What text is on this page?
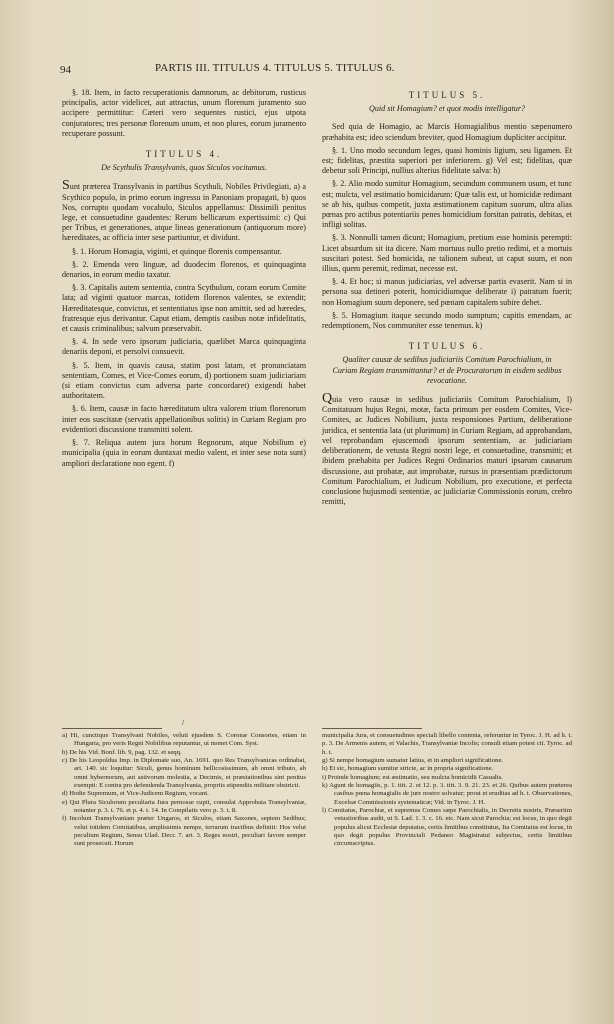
94	PARTIS III. TITULUS 4. TITULUS 5. TITULUS 6.

§. 18. Item, in facto recuperationis damnorum, ac debitorum, rusticus principalis, actor videlicet, aut attractus, unum florenum juramento suo accipere permittitur: Cæteri vero sequentes rustici, ejus utpota conjuratores; tres personæ florenum unum, et non plures, eorum juramento recuperare possunt.

TITULUS 4.
De Scythulis Transylvanis, quos Siculos vocitamus.

Sunt præterea Transylvanis in partibus Scythuli, Nobiles Privilegiati, a) a Scythico populo, in primo eorum ingressu in Panoniam propagati, b) quos Nos, corrupto quodam vocabulo, Siculos appellamus: Dissimili penitus lege, et consuetudine gaudentes: Rerum bellicarum expertissimi: c) Qui per Tribus, et generationes, atque lineas generationum (antiquorum more) hæreditates, ac officia inter sese partiuntur, et dividunt.

§. 1. Horum Homagia, viginti, et quinque florenis compensantur.

§. 2. Emenda vero linguæ, ad duodecim florenos, et quinquaginta denarios, in eorum medio taxatur.

§. 3. Capitalis autem sententia, contra Scythulum, coram eorum Comite lata; ad viginti quatuor marcas, totidem florenos valentes, se extendit; Hæreditatesque, convictus, et sententiatus ipse non amittit, sed ad hæredes, fratresque ejus derivantur. Caput etiam, demptis casibus notæ infidelitatis, et causis criminalibus; salvum præservabit.

§. 4. In sede vero ipsorum judiciaria, quælibet Marca quinquaginta denariis deponi, et persolvi consuevit.

§. 5. Item, in quavis causa, statim post latam, et pronunciatam sententiam, Comes, et Vice-Comes eorum, d) portionem suam judiciariam (si etiam convictus cum adversa parte concordaret) exigendi habet authoritatem.

§. 6. Item, causæ in facto hæreditatum ultra valorem trium florenorum inter eos suscitatæ (servatis appellationibus solitis) in Curiam Regiam pro evidentiori discussione transmitti solent.

§. 7. Reliqua autem jura horum Regnorum, atque Nobilium e) municipalia (quia in eorum duntaxat medio valent, et inter sese nota sunt) ampliori declaratione non egent. f)

TITULUS 5.
Quid sit Homagium? et quot modis intelligatur?

Sed quia de Homagio, ac Marcis Homagialibus mentio sæpenumero præhabita est; ideo sciendum breviter, quod Homagium dupliciter accipitur.

§. 1. Uno modo secundum leges, quasi hominis ligium, seu ligamen. Et est; fidelitas, præstita superiori per inferiorem. g) Vel est; fidelitas, quæ debetur soli Principi, nullius alterius fidelitate salva: h)

§. 2. Alio modo sumitur Homagium, secundum communem usum, et tunc est; mulcta, vel æstimatio homicidarum: Quæ talis est, ut homicidæ redimant se ab his, quibus competit, juxta æstimationem capitum suorum, ultra alias pœnas pro actibus potentiariis penes homicidium forsitan patratis, debitas, et infligi solitas.

§. 3. Nonnulli tamen dicunt; Homagium, pretium esse hominis perempti: Licet absurdum sit ita dicere. Nam mortuus nullo pretio redimi, et a mortuis suscitari potest. Sed homicida, ne talionem subeat, ut caput suum, et non illius, quem peremit, redimat, necesse est.

§. 4. Et hoc; si manus judiciarias, vel adversæ partis evaserit. Nam si in persona sua detineri poterit, homicidiumque deliberate i) patratum fuerit; non Homagium suum deponere, sed pœnam capitalem subire debet.

§. 5. Homagium itaque secundo modo sumptum; capitis emendam, ac redemptionem, Nos communiter esse tenemus. k)

TITULUS 6.
Qualiter causæ de sedibus judiciariis Comitum Parochialium, in Curiam Regiam transmittantur? et de Procuratorum in eisdem sedibus revocatione.

Quia vero causæ in sedibus judiciariis Comitum Parochialium, l) Comitatuum hujus Regni, motæ, facta primum per eosdem Comites, Vice-Comites, ac Judices Nobilium, juxta responsiones Partium, deliberatione juridica, et sententia lata (ut plurimum) in Curiam Regiam, ad approbandam, vel reprobandam ejuscemodi ipsorum sententiam, ac judiciariam deliberationem, de vetusta Regni nostri lege, et consuetudine, transmitti; et ibidem præhabita per Judices Regni Ordinarios maturi ipsarum causarum discussione, aut probatæ, aut improbatæ, rursus in præsentiam prædictorum Comitum Parochialium, et Judicum Nobilium, pro executione, et perfecta conclusione hujusmodi sententiæ, ac judiciariæ Commissionis eorum, crebro remitti,

/

a) Hi, cunctique Transylvani Nobiles, veluti ejusdem S. Coronæ Consortes, etiam in Hungaria, pro veris Regni Nobilibus reputantur, ut monet Com. Syst.

b) De his Vid. Bonf. lib. 9, pag. 132. et seqq.

c) De his Leopoldus Imp. in Diplomate suo, An. 1691. quo Res Transylvanicas ordinabat, art. 140. sic loquitur: Siculi, genus hominum bellicosissimum, ab omni tributo, ab omni hybernorum, aut astivorum molestia, a Decimis, et præstationibus sint penitus exempti: E contra pro defendenda Transylvania, propriis stipendiis militare obstricti.

d) Hodie Supremum, et Vice-Judicem Regium, vocant.

e) Qui Plura Siculorum peculiaria Jura pernosse cupit, consulat Approbata Transylvaniæ, notanter p. 3. t. 76. et p. 4. t. 14. In Compilatis vero p. 3. t. 8.

f) Incolunt Transylvaniam præter Ungaros, et Siculos, etiam Saxones, septem Sedibus; velut totidem Comitatibus, amplissimis nempe, terrarum tractibus definiti: Hos velut peculium Regium, Sensu Ulad. Decr. 7. art. 3. Reges nostri, peculiari favore semper sunt prosecuti. Horum

municipalia Jura, et consuetudines speciali libello contenta, referuntur in Tyroc. J. H. ad h. t. p. 3. De Armenis autem, et Valachis, Transylvaniæ Incolis; consuli etiam potest cit. Tyroc. ad h. t.

g) Si nempe homagium sumatur latius, et in ampliori significatione.

h) Et sic, homagium sumitur stricte, ac in propria significatione.

i) Proinde homagium; est æstimatio, seu mulcta homicidii Casualis.

k) Agunt de homagiis, p. 1. titt. 2. et 12. p. 3. titt. 3. 9. 21. 23. et 26. Quibus autem præterea casibus pœna homagialis de jure nostro solvatur; prout et eruditas ad h. t. Observationes, Excelsæ Commissionis systematicæ; Vid. in Tyroc. J. H.

l) Comitatus, Parochiæ, et supremus Comes sæpe Parochialis, in Decretis nostris, Præsertim vetustioribus audit, ut S. Lad. 1. 3. c. 16. etc. Nam sicut Parochia; est locus, in quo degit populus alicui Ecclesiæ deputatus, certis limitibus constitutus, Ita Comitatus est locus, in quo degit populus Provinciali Pedaneo Magistratui subjectus, certis limitibus circumscriptus.
